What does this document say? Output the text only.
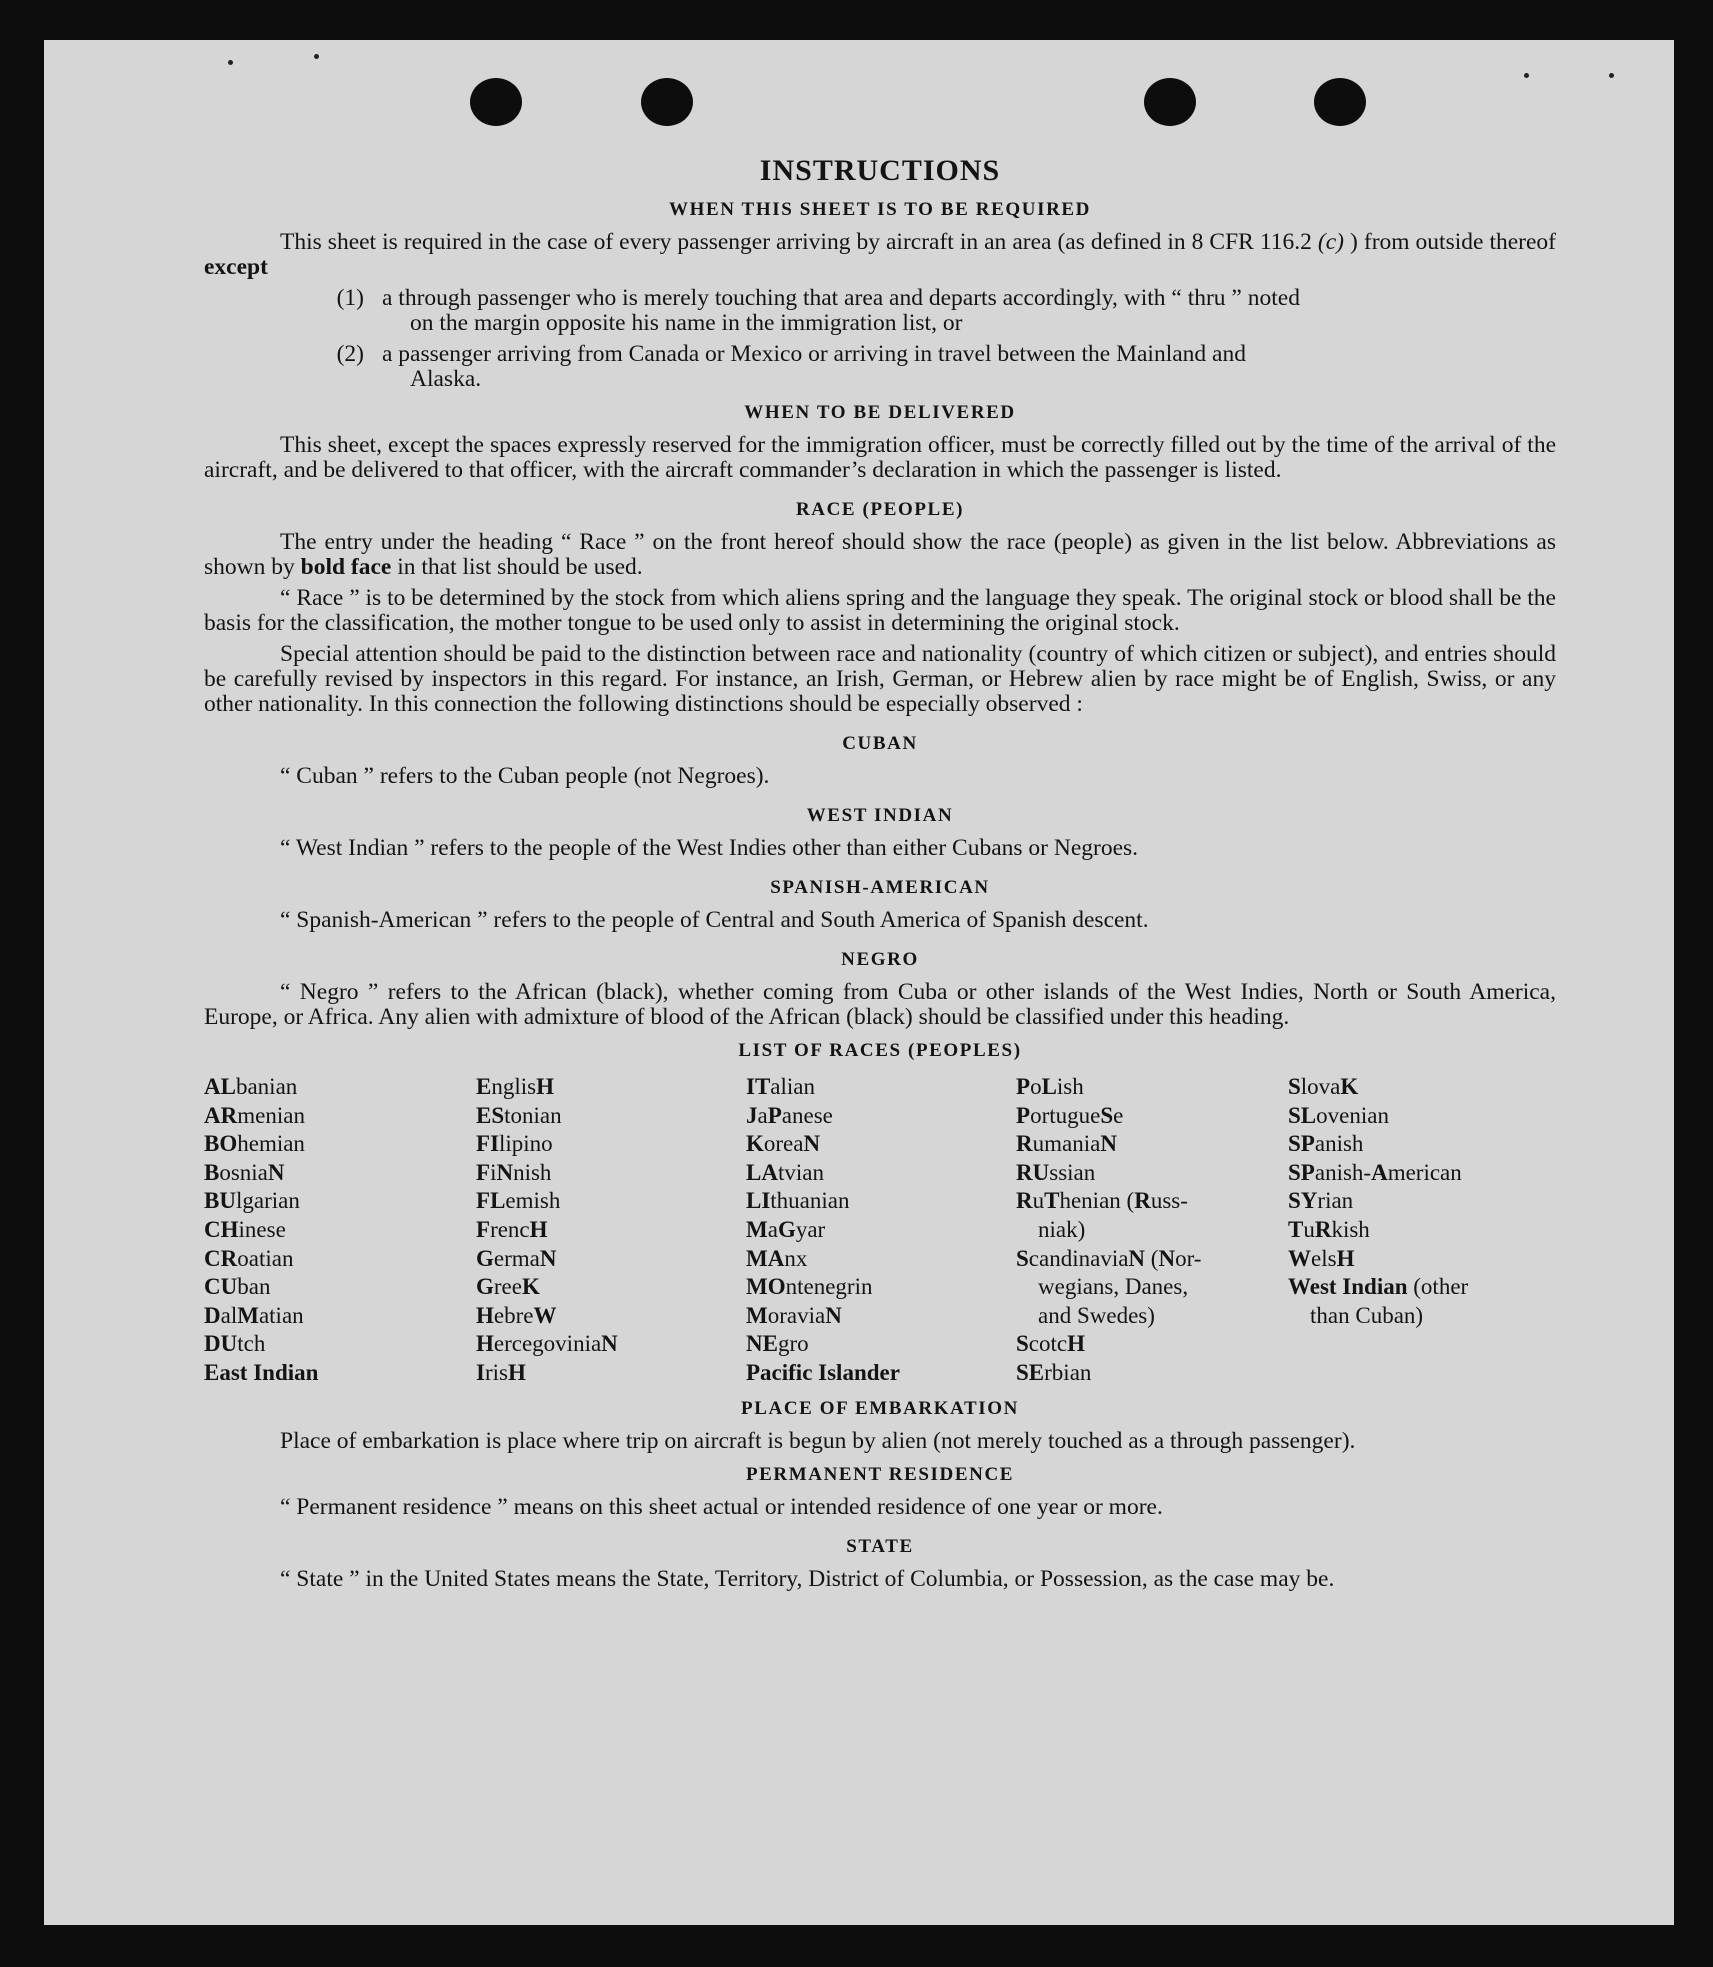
INSTRUCTIONS
WHEN THIS SHEET IS TO BE REQUIRED
This sheet is required in the case of every passenger arriving by aircraft in an area (as defined in 8 CFR 116.2 (c) ) from outside thereof except
(1) a through passenger who is merely touching that area and departs accordingly, with “ thru ” noted
on the margin opposite his name in the immigration list, or
(2) a passenger arriving from Canada or Mexico or arriving in travel between the Mainland and
Alaska.
WHEN TO BE DELIVERED
This sheet, except the spaces expressly reserved for the immigration officer, must be correctly filled out by the time of the arrival of the aircraft, and be delivered to that officer, with the aircraft commander’s declaration in which the passenger is listed.
RACE (PEOPLE)
The entry under the heading “ Race ” on the front hereof should show the race (people) as given in the list below. Abbreviations as shown by bold face in that list should be used.
“ Race ” is to be determined by the stock from which aliens spring and the language they speak. The original stock or blood shall be the basis for the classification, the mother tongue to be used only to assist in determining the original stock.
Special attention should be paid to the distinction between race and nationality (country of which citizen or subject), and entries should be carefully revised by inspectors in this regard. For instance, an Irish, German, or Hebrew alien by race might be of English, Swiss, or any other nationality. In this connection the following distinctions should be especially observed :
CUBAN
“ Cuban ” refers to the Cuban people (not Negroes).
WEST INDIAN
“ West Indian ” refers to the people of the West Indies other than either Cubans or Negroes.
SPANISH-AMERICAN
“ Spanish-American ” refers to the people of Central and South America of Spanish descent.
NEGRO
“ Negro ” refers to the African (black), whether coming from Cuba or other islands of the West Indies, North or South America, Europe, or Africa. Any alien with admixture of blood of the African (black) should be classified under this heading.
LIST OF RACES (PEOPLES)
ALbanian
ARmenian
BOhemian
BosniaN
BUlgarian
CHinese
CRoatian
CUban
DalMatian
DUtch
East Indian
EnglisH
EStonian
FIlipino
FiNnish
FLemish
FrencH
GermaN
GreeK
HebreW
HercegoviniaN
IrisH
ITalian
JaPanese
KoreaN
LAtvian
LIthuanian
MaGyar
MAnx
MOntenegrin
MoraviaN
NEgro
Pacific Islander
PoLish
PortugueSe
RumaniaN
RUssian
RuThenian (Russ-
niak)
ScandinaviaN (Nor-
wegians, Danes,
and Swedes)
ScotcH
SErbian
SlovaK
SLovenian
SPanish
SPanish-American
SYrian
TuRkish
WelsH
West Indian (other
than Cuban)
PLACE OF EMBARKATION
Place of embarkation is place where trip on aircraft is begun by alien (not merely touched as a through passenger).
PERMANENT RESIDENCE
“ Permanent residence ” means on this sheet actual or intended residence of one year or more.
STATE
“ State ” in the United States means the State, Territory, District of Columbia, or Possession, as the case may be.
